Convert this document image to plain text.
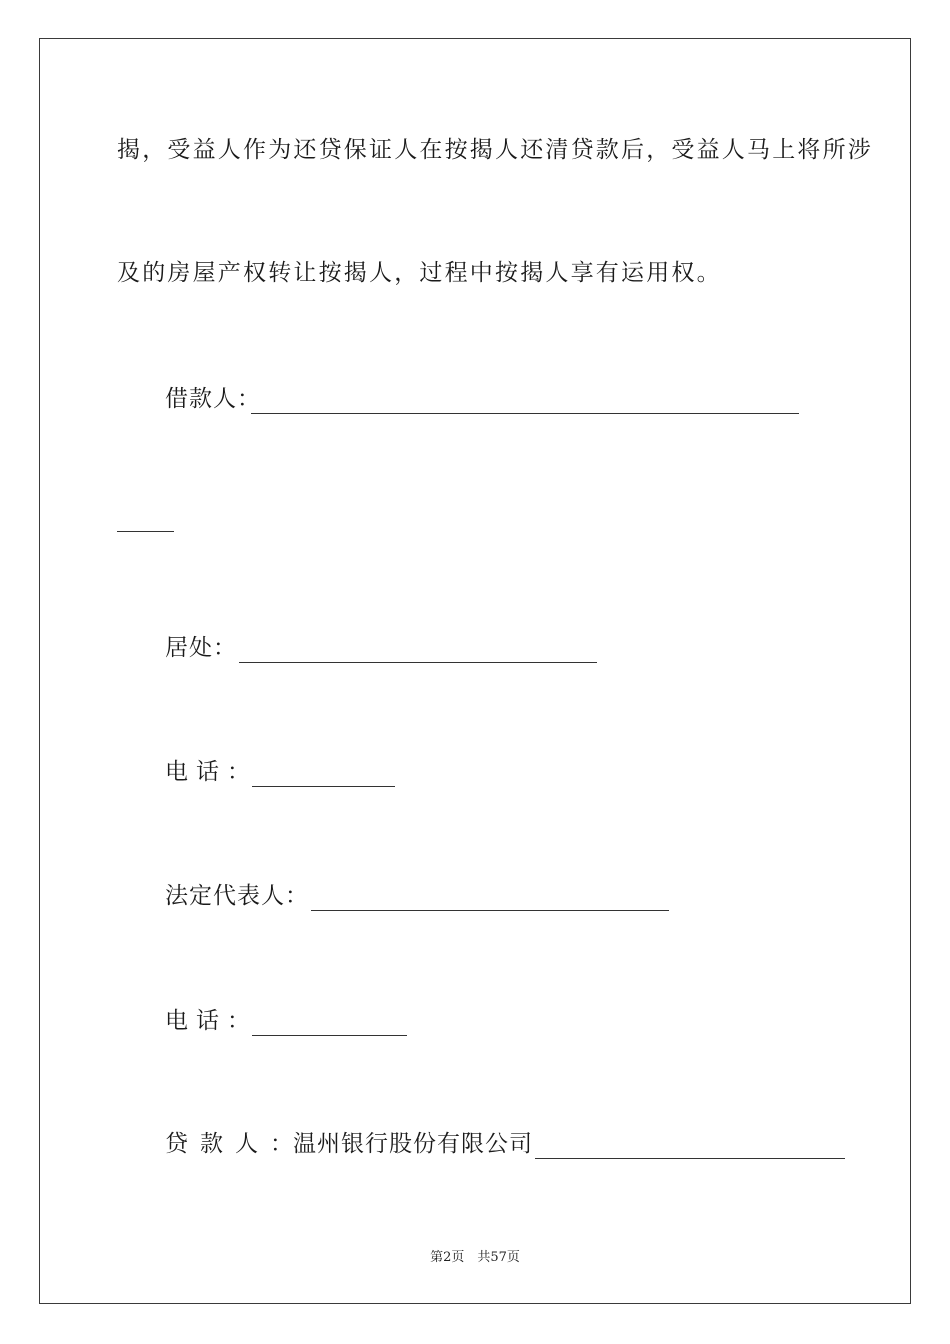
揭，受益人作为还贷保证人在按揭人还清贷款后，受益人马上将所涉
及的房屋产权转让按揭人，过程中按揭人享有运用权。
借款人：
居处：
电话：
法定代表人：
电话：
贷款人：
温州银行股份有限公司
第2页　共57页
